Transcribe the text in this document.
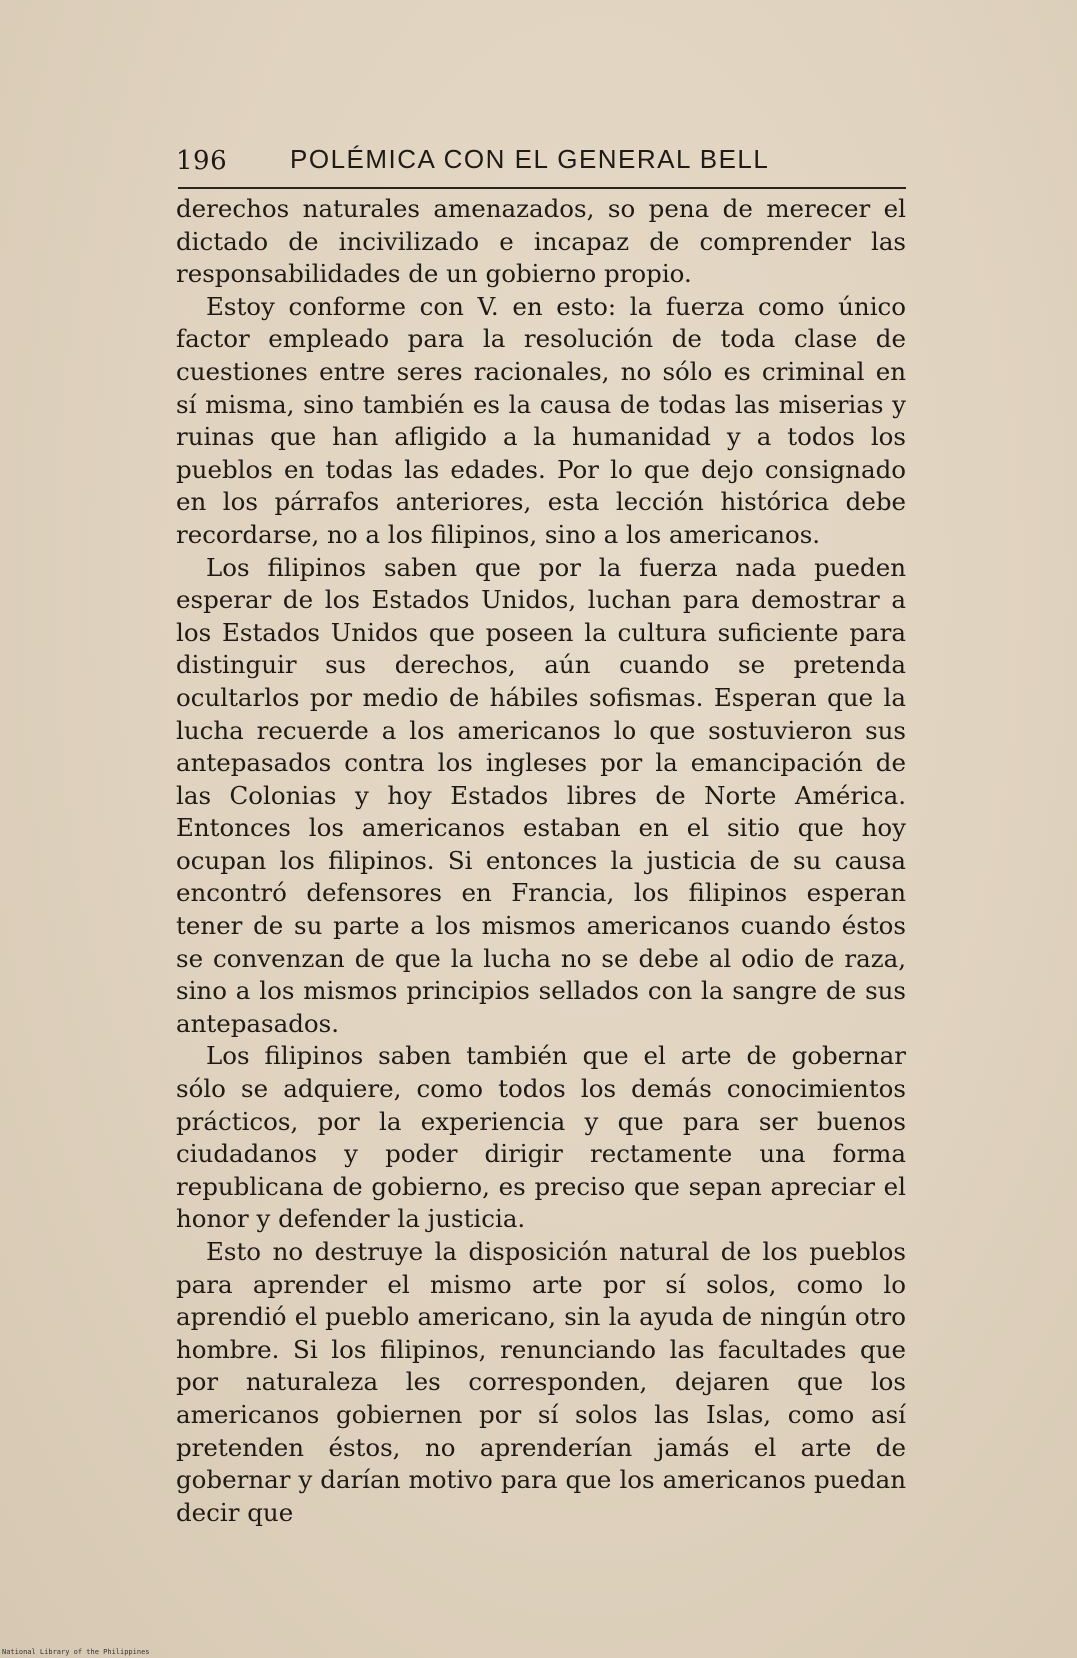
196 POLÉMICA CON EL GENERAL BELL

derechos naturales amenazados, so pena de merecer el dictado de incivilizado e incapaz de comprender las responsabilidades de un gobierno propio.

Estoy conforme con V. en esto: la fuerza como único factor empleado para la resolución de toda clase de cuestiones entre seres racionales, no sólo es criminal en sí misma, sino también es la causa de todas las miserias y ruinas que han afligido a la humanidad y a todos los pueblos en todas las edades. Por lo que dejo consignado en los párrafos anteriores, esta lección histórica debe recordarse, no a los filipinos, sino a los americanos.

Los filipinos saben que por la fuerza nada pueden esperar de los Estados Unidos, luchan para demostrar a los Estados Unidos que poseen la cultura suficiente para distinguir sus derechos, aún cuando se pretenda ocultarlos por medio de hábiles sofismas. Esperan que la lucha recuerde a los americanos lo que sostuvieron sus antepasados contra los ingleses por la emancipación de las Colonias y hoy Estados libres de Norte América. Entonces los americanos estaban en el sitio que hoy ocupan los filipinos. Si entonces la justicia de su causa encontró defensores en Francia, los filipinos esperan tener de su parte a los mismos americanos cuando éstos se convenzan de que la lucha no se debe al odio de raza, sino a los mismos principios sellados con la sangre de sus antepasados.

Los filipinos saben también que el arte de gobernar sólo se adquiere, como todos los demás conocimientos prácticos, por la experiencia y que para ser buenos ciudadanos y poder dirigir rectamente una forma republicana de gobierno, es preciso que sepan apreciar el honor y defender la justicia.

Esto no destruye la disposición natural de los pueblos para aprender el mismo arte por sí solos, como lo aprendió el pueblo americano, sin la ayuda de ningún otro hombre. Si los filipinos, renunciando las facultades que por naturaleza les corresponden, dejaren que los americanos gobiernen por sí solos las Islas, como así pretenden éstos, no aprenderían jamás el arte de gobernar y darían motivo para que los americanos puedan decir que

National Library of the Philippines
